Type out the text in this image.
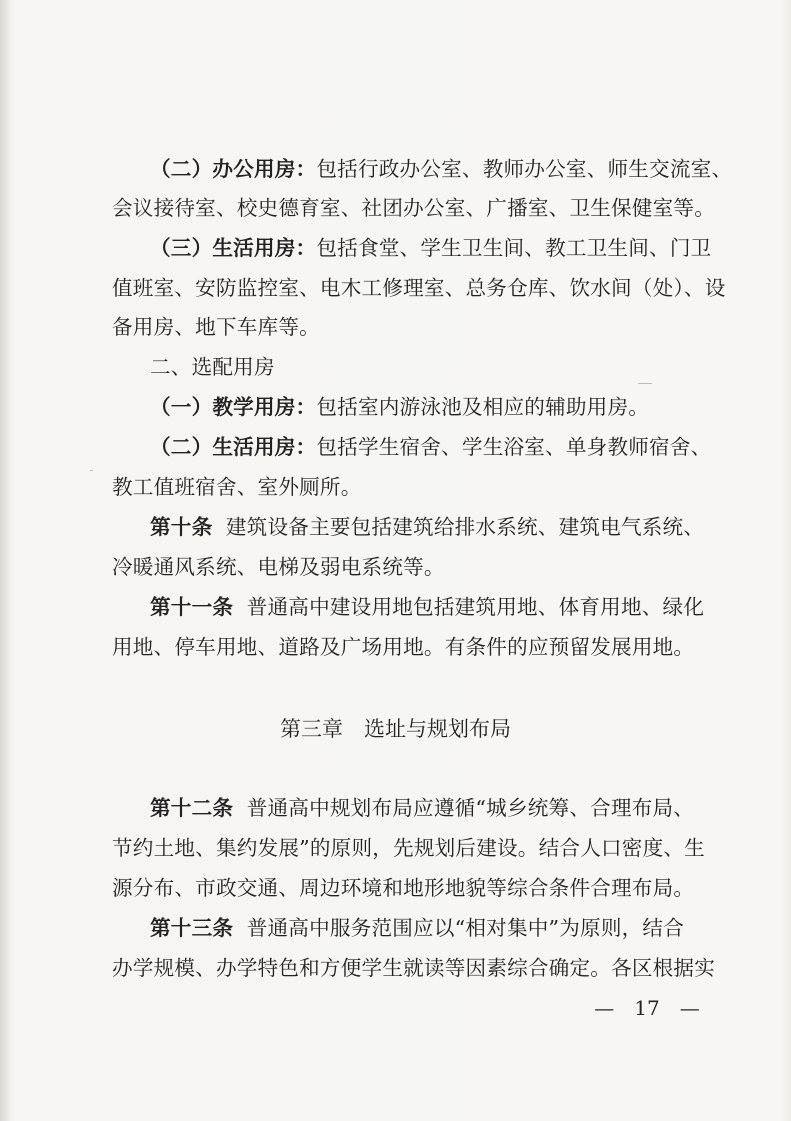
（二）办公用房：包括行政办公室、教师办公室、师生交流室、
会议接待室、校史德育室、社团办公室、广播室、卫生保健室等。
（三）生活用房：包括食堂、学生卫生间、教工卫生间、门卫
值班室、安防监控室、电木工修理室、总务仓库、饮水间（处）、设
备用房、地下车库等。
二、选配用房
（一）教学用房：包括室内游泳池及相应的辅助用房。
（二）生活用房：包括学生宿舍、学生浴室、单身教师宿舍、
教工值班宿舍、室外厕所。
第十条 建筑设备主要包括建筑给排水系统、建筑电气系统、
冷暖通风系统、电梯及弱电系统等。
第十一条 普通高中建设用地包括建筑用地、体育用地、绿化
用地、停车用地、道路及广场用地。有条件的应预留发展用地。
第三章　选址与规划布局
第十二条 普通高中规划布局应遵循“城乡统筹、合理布局、
节约土地、集约发展”的原则，先规划后建设。结合人口密度、生
源分布、市政交通、周边环境和地形地貌等综合条件合理布局。
第十三条 普通高中服务范围应以“相对集中”为原则，结合
办学规模、办学特色和方便学生就读等因素综合确定。各区根据实
—　17　—
